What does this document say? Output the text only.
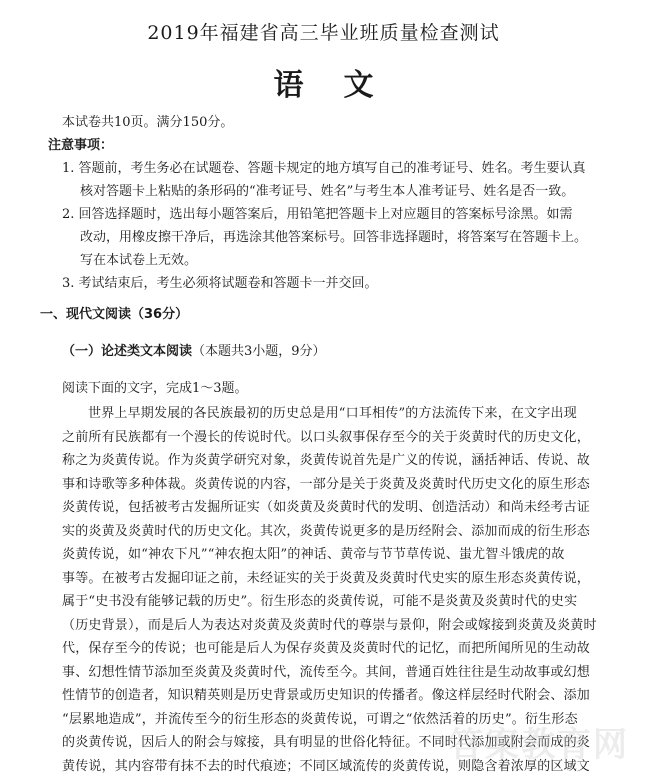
2019年福建省高三毕业班质量检查测试
语文
本试卷共10页。满分150分。
注意事项：
1. 答题前，考生务必在试题卷、答题卡规定的地方填写自己的准考证号、姓名。考生要认真
核对答题卡上粘贴的条形码的“准考证号、姓名”与考生本人准考证号、姓名是否一致。
2. 回答选择题时，选出每小题答案后，用铅笔把答题卡上对应题目的答案标号涂黑。如需
改动，用橡皮擦干净后，再选涂其他答案标号。回答非选择题时，将答案写在答题卡上。
写在本试卷上无效。
3. 考试结束后，考生必须将试题卷和答题卡一并交回。
一、现代文阅读（36分）
（一）论述类文本阅读（本题共3小题，9分）
阅读下面的文字，完成1～3题。
世界上早期发展的各民族最初的历史总是用“口耳相传”的方法流传下来，在文字出现
之前所有民族都有一个漫长的传说时代。以口头叙事保存至今的关于炎黄时代的历史文化，
称之为炎黄传说。作为炎黄学研究对象，炎黄传说首先是广义的传说，涵括神话、传说、故
事和诗歌等多种体裁。炎黄传说的内容，一部分是关于炎黄及炎黄时代历史文化的原生形态
炎黄传说，包括被考古发掘所证实（如炎黄及炎黄时代的发明、创造活动）和尚未经考古证
实的炎黄及炎黄时代的历史文化。其次，炎黄传说更多的是历经附会、添加而成的衍生形态
炎黄传说，如“神农下凡”“神农抱太阳”的神话、黄帝与节节草传说、蚩尤智斗饿虎的故
事等。在被考古发掘印证之前，未经证实的关于炎黄及炎黄时代史实的原生形态炎黄传说，
属于“史书没有能够记载的历史”。衍生形态的炎黄传说，可能不是炎黄及炎黄时代的史实
（历史背景），而是后人为表达对炎黄及炎黄时代的尊崇与景仰，附会或嫁接到炎黄及炎黄时
代，保存至今的传说；也可能是后人为保存炎黄及炎黄时代的记忆，而把所闻所见的生动故
事、幻想性情节添加至炎黄及炎黄时代，流传至今。其间，普通百姓往往是生动故事或幻想
性情节的创造者，知识精英则是历史背景或历史知识的传播者。像这样层经时代附会、添加
“层累地造成”，并流传至今的衍生形态的炎黄传说，可谓之“依然活着的历史”。衍生形态
的炎黄传说，因后人的附会与嫁接，具有明显的世俗化特征。不同时代添加或附会而成的炎
黄传说，其内容带有抹不去的时代痕迹；不同区域流传的炎黄传说，则隐含着浓厚的区域文
答案教育网
